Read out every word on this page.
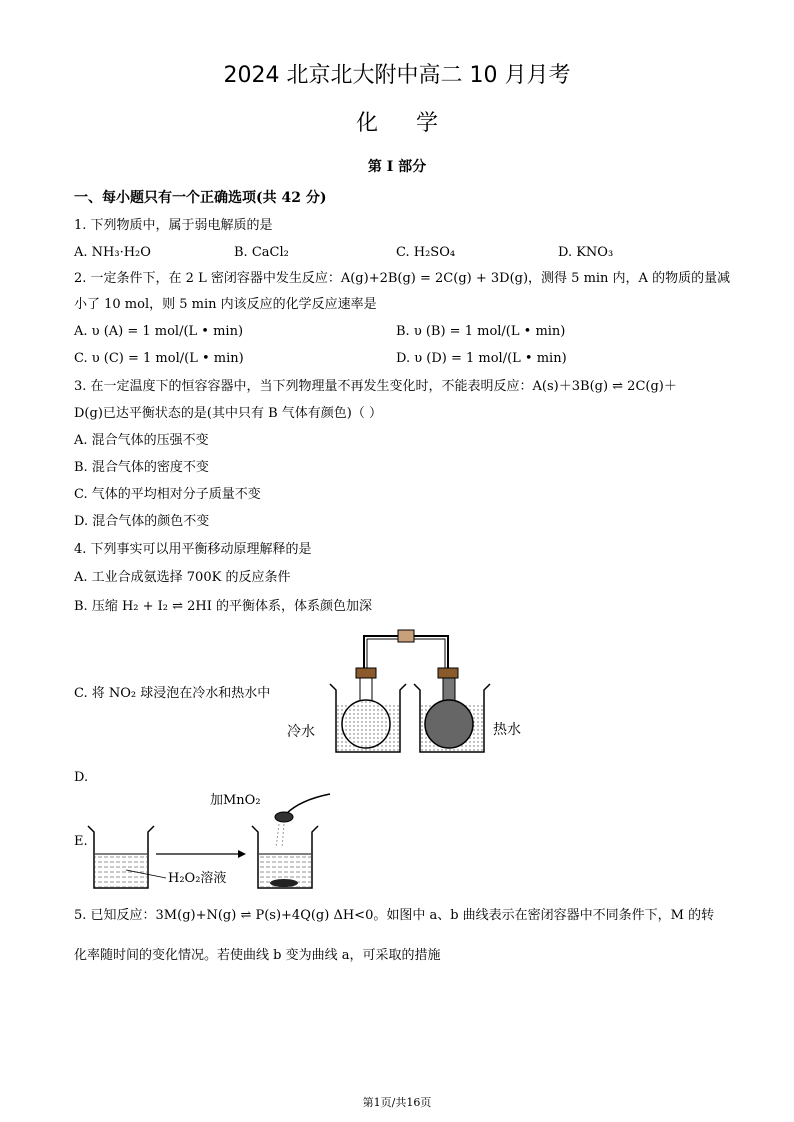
2024 北京北大附中高二 10 月月考
化学
第 I 部分
一、每小题只有一个正确选项(共 42 分)
1. 下列物质中，属于弱电解质的是
A. NH₃·H₂O	B. CaCl₂	C. H₂SO₄	D. KNO₃
2. 一定条件下，在 2 L 密闭容器中发生反应：A(g)+2B(g) = 2C(g) + 3D(g)，测得 5 min 内，A 的物质的量减
小了 10 mol，则 5 min 内该反应的化学反应速率是
A. υ (A) = 1 mol/(L • min)	B. υ (B) = 1 mol/(L • min)
C. υ (C) = 1 mol/(L • min)	D. υ (D) = 1 mol/(L • min)
3. 在一定温度下的恒容容器中，当下列物理量不再发生变化时，不能表明反应：A(s)＋3B(g) ⇌ 2C(g)＋
D(g)已达平衡状态的是(其中只有 B 气体有颜色)（ ）
A. 混合气体的压强不变
B. 混合气体的密度不变
C. 气体的平均相对分子质量不变
D. 混合气体的颜色不变
4. 下列事实可以用平衡移动原理解释的是
A. 工业合成氨选择 700K 的反应条件
B. 压缩 H₂ + I₂ ⇌ 2HI 的平衡体系，体系颜色加深
C. 将 NO₂ 球浸泡在冷水和热水中
冷水	热水
D.
E.
加MnO₂
H₂O₂溶液
5. 已知反应：3M(g)+N(g) ⇌ P(s)+4Q(g) ΔH<0。如图中 a、b 曲线表示在密闭容器中不同条件下，M 的转
化率随时间的变化情况。若使曲线 b 变为曲线 a，可采取的措施
第1页/共16页
